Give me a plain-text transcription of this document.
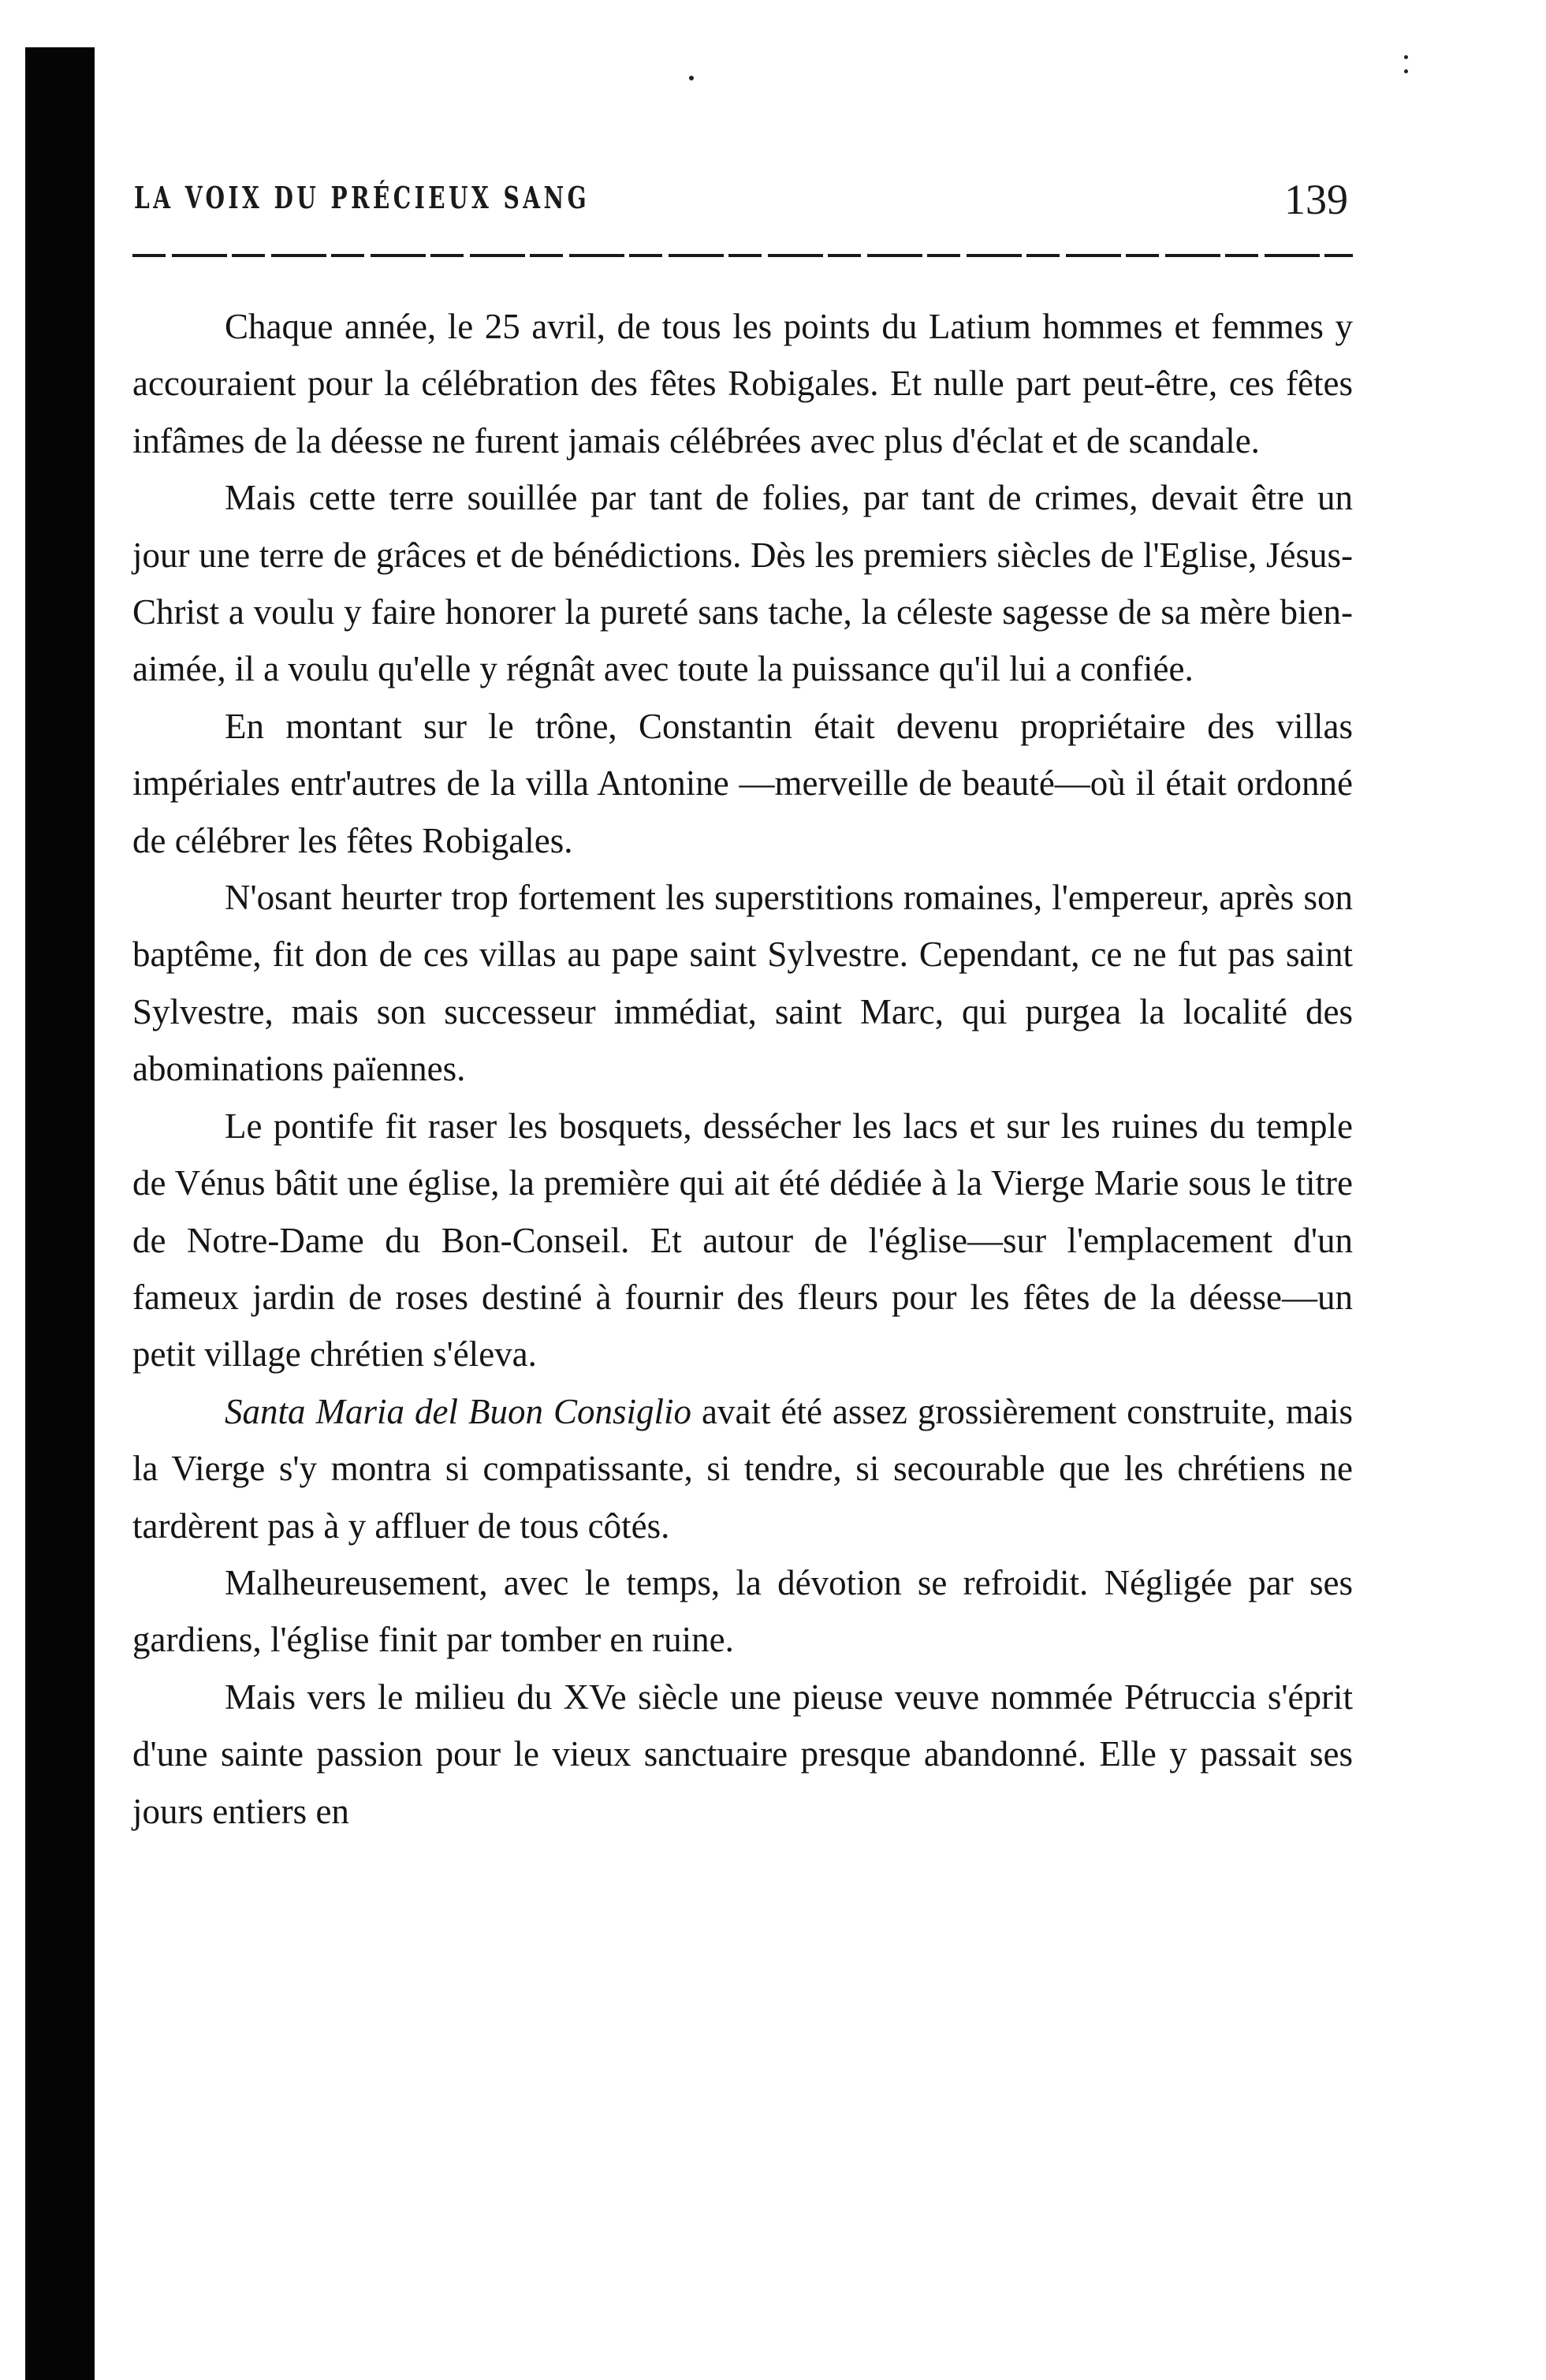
LA VOIX DU PRÉCIEUX SANG	139

Chaque année, le 25 avril, de tous les points du Latium hommes et femmes y accouraient pour la célébration des fêtes Robigales. Et nulle part peut-être, ces fêtes infâmes de la déesse ne furent jamais célébrées avec plus d'éclat et de scandale.

Mais cette terre souillée par tant de folies, par tant de crimes, devait être un jour une terre de grâces et de bénédictions. Dès les premiers siècles de l'Eglise, Jésus-Christ a voulu y faire honorer la pureté sans tache, la céleste sagesse de sa mère bien-aimée, il a voulu qu'elle y régnât avec toute la puissance qu'il lui a confiée.

En montant sur le trône, Constantin était devenu propriétaire des villas impériales entr'autres de la villa Antonine —merveille de beauté—où il était ordonné de célébrer les fêtes Robigales.

N'osant heurter trop fortement les superstitions romaines, l'empereur, après son baptême, fit don de ces villas au pape saint Sylvestre. Cependant, ce ne fut pas saint Sylvestre, mais son successeur immédiat, saint Marc, qui purgea la localité des abominations païennes.

Le pontife fit raser les bosquets, dessécher les lacs et sur les ruines du temple de Vénus bâtit une église, la première qui ait été dédiée à la Vierge Marie sous le titre de Notre-Dame du Bon-Conseil. Et autour de l'église—sur l'emplacement d'un fameux jardin de roses destiné à fournir des fleurs pour les fêtes de la déesse—un petit village chrétien s'éleva.

Santa Maria del Buon Consiglio avait été assez grossièrement construite, mais la Vierge s'y montra si compatissante, si tendre, si secourable que les chrétiens ne tardèrent pas à y affluer de tous côtés.

Malheureusement, avec le temps, la dévotion se refroidit. Négligée par ses gardiens, l'église finit par tomber en ruine.

Mais vers le milieu du XVe siècle une pieuse veuve nommée Pétruccia s'éprit d'une sainte passion pour le vieux sanctuaire presque abandonné. Elle y passait ses jours entiers en
